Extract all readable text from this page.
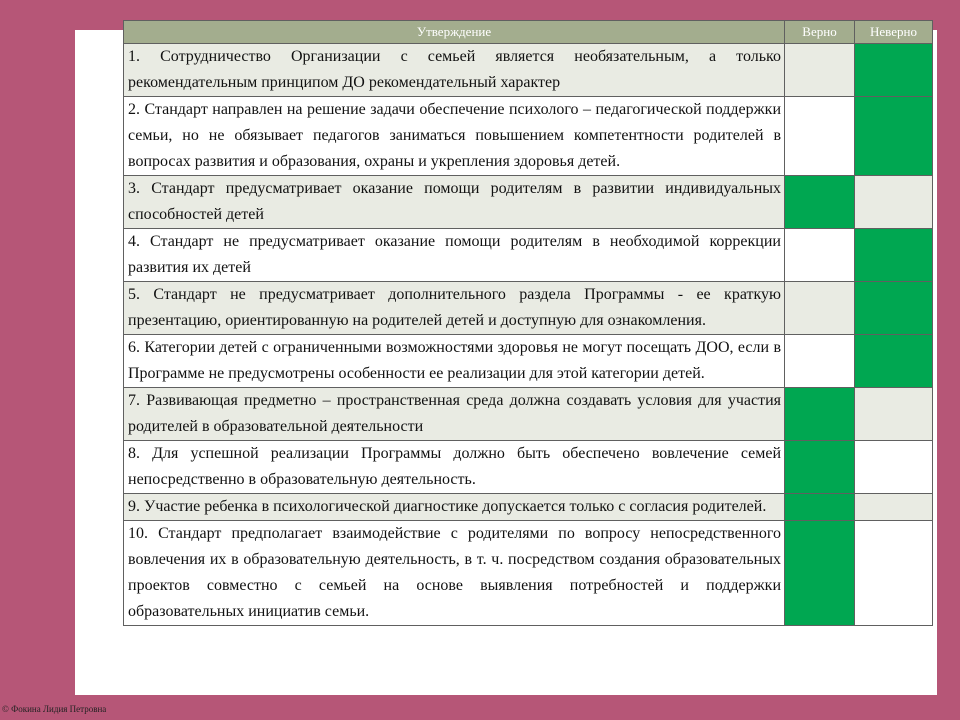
Утверждение	Верно	Неверно
1. Сотрудничество Организации с семьей является необязательным, а только рекомендательным принципом ДО рекомендательный характер		
2. Стандарт направлен на решение задачи обеспечение психолого – педагогической поддержки семьи, но не обязывает педагогов заниматься повышением компетентности родителей в вопросах развития и образования, охраны и укрепления здоровья детей.		
3. Стандарт предусматривает оказание помощи родителям в развитии индивидуальных способностей детей		
4. Стандарт не предусматривает оказание помощи родителям в необходимой коррекции развития их детей		
5. Стандарт не предусматривает дополнительного раздела Программы - ее краткую презентацию, ориентированную на родителей детей и доступную для ознакомления.		
6. Категории детей с ограниченными возможностями здоровья не могут посещать ДОО, если в Программе не предусмотрены особенности ее реализации для этой категории детей.		
7. Развивающая предметно – пространственная среда должна создавать условия для участия родителей в образовательной деятельности		
8. Для успешной реализации Программы должно быть обеспечено вовлечение семей непосредственно в образовательную деятельность.		
9. Участие ребенка в психологической диагностике допускается только с согласия родителей.		
10. Стандарт предполагает взаимодействие с родителями по вопросу непосредственного вовлечения их в образовательную деятельность, в т. ч. посредством создания образовательных проектов совместно с семьей на основе выявления потребностей и поддержки образовательных инициатив семьи.		
© Фокина Лидия Петровна
